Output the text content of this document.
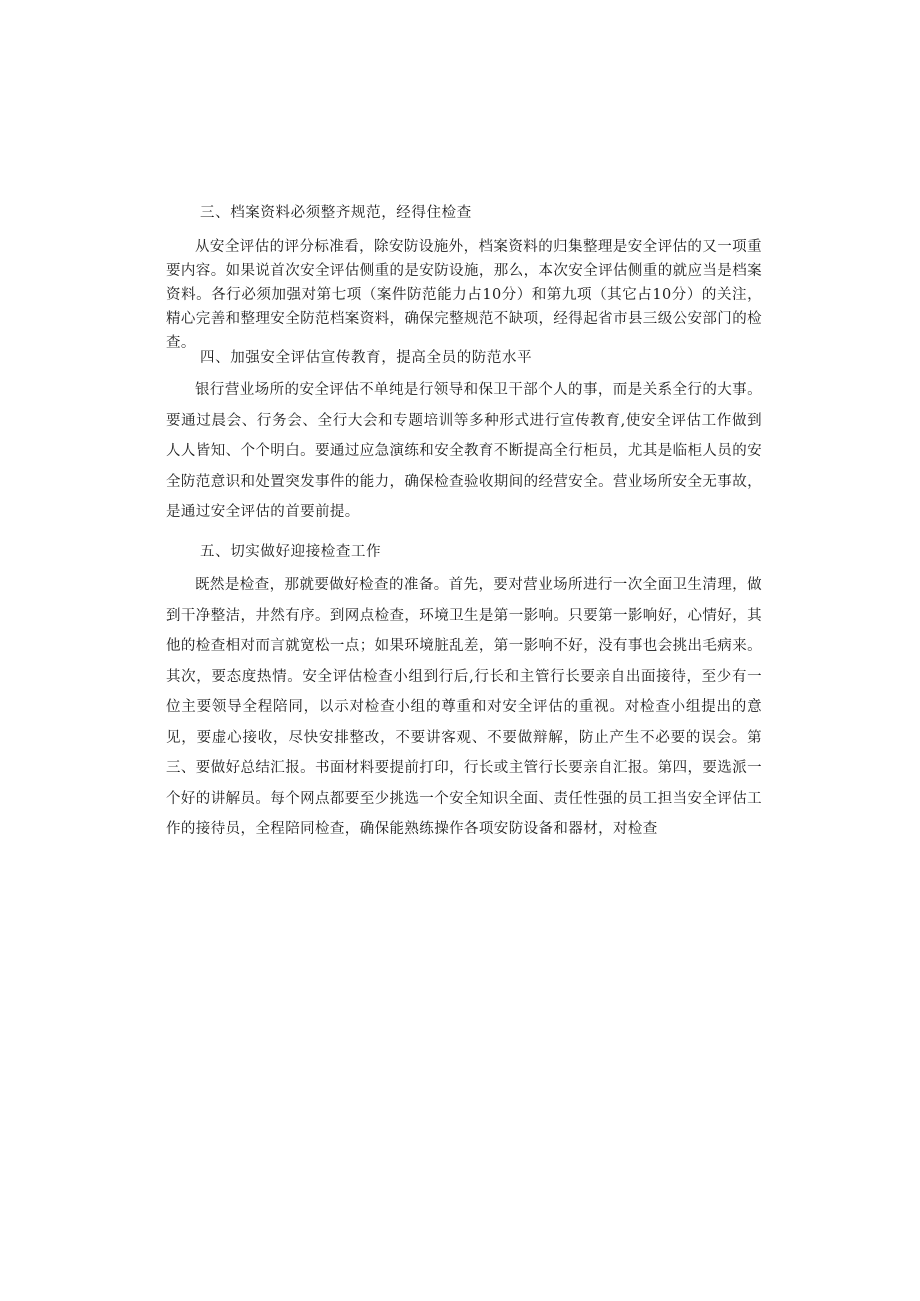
三、档案资料必须整齐规范，经得住检查

从安全评估的评分标准看，除安防设施外，档案资料的归集整理是安全评估的又一项重要内容。如果说首次安全评估侧重的是安防设施，那么，本次安全评估侧重的就应当是档案资料。各行必须加强对第七项（案件防范能力占10分）和第九项（其它占10分）的关注，精心完善和整理安全防范档案资料，确保完整规范不缺项，经得起省市县三级公安部门的检查。

四、加强安全评估宣传教育，提高全员的防范水平

银行营业场所的安全评估不单纯是行领导和保卫干部个人的事，而是关系全行的大事。要通过晨会、行务会、全行大会和专题培训等多种形式进行宣传教育,使安全评估工作做到人人皆知、个个明白。要通过应急演练和安全教育不断提高全行柜员，尤其是临柜人员的安全防范意识和处置突发事件的能力，确保检查验收期间的经营安全。营业场所安全无事故，是通过安全评估的首要前提。

五、切实做好迎接检查工作

既然是检查，那就要做好检查的准备。首先，要对营业场所进行一次全面卫生清理，做到干净整洁，井然有序。到网点检查，环境卫生是第一影响。只要第一影响好，心情好，其他的检查相对而言就宽松一点；如果环境脏乱差，第一影响不好，没有事也会挑出毛病来。其次，要态度热情。安全评估检查小组到行后,行长和主管行长要亲自出面接待，至少有一位主要领导全程陪同，以示对检查小组的尊重和对安全评估的重视。对检查小组提出的意见，要虚心接收，尽快安排整改，不要讲客观、不要做辩解，防止产生不必要的误会。第三、要做好总结汇报。书面材料要提前打印，行长或主管行长要亲自汇报。第四，要选派一个好的讲解员。每个网点都要至少挑选一个安全知识全面、责任性强的员工担当安全评估工作的接待员，全程陪同检查，确保能熟练操作各项安防设备和器材，对检查
